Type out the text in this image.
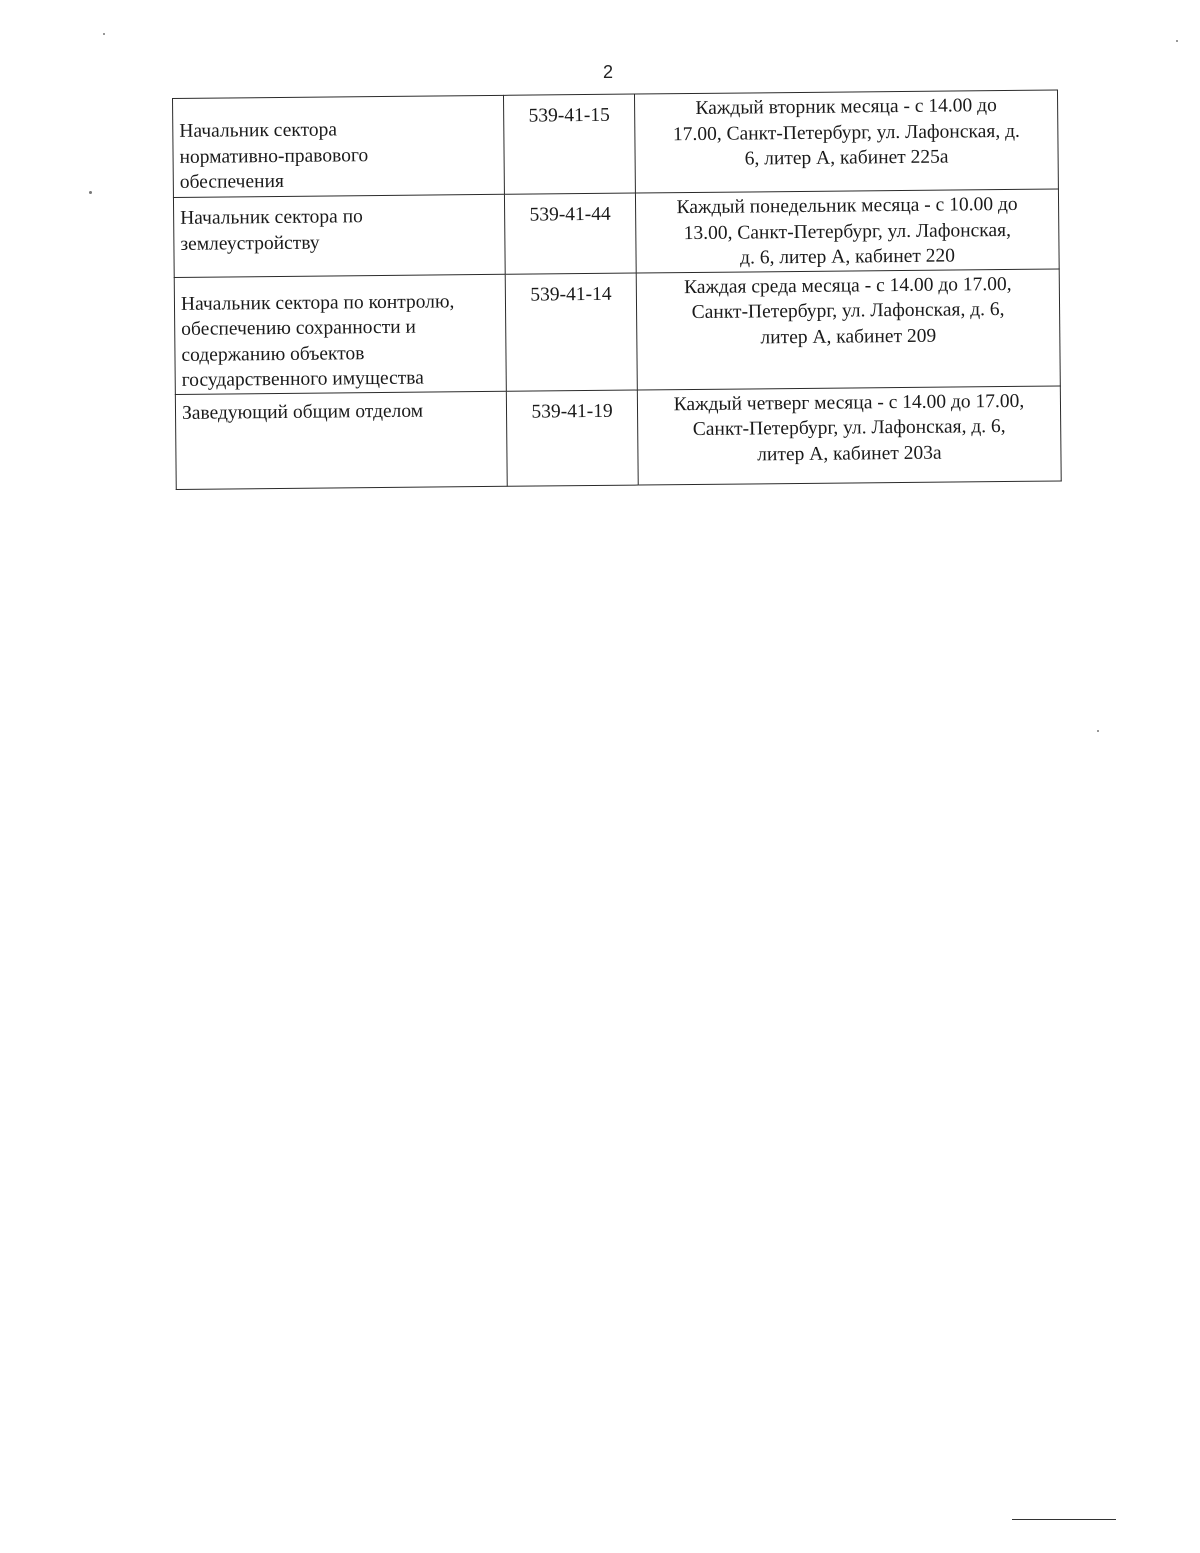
2
Начальник сектора
нормативно-правового
обеспечения	539-41-15	Каждый вторник месяца - с 14.00 до
17.00, Санкт-Петербург, ул. Лафонская, д.
6, литер А, кабинет 225а
Начальник сектора по
землеустройству	539-41-44	Каждый понедельник месяца - с 10.00 до
13.00, Санкт-Петербург, ул. Лафонская,
д. 6, литер А, кабинет 220
Начальник сектора по контролю,
обеспечению сохранности и
содержанию объектов
государственного имущества	539-41-14	Каждая среда месяца - с 14.00 до 17.00,
Санкт-Петербург, ул. Лафонская, д. 6,
литер А, кабинет 209
Заведующий общим отделом	539-41-19	Каждый четверг месяца - с 14.00 до 17.00,
Санкт-Петербург, ул. Лафонская, д. 6,
литер А, кабинет 203а
